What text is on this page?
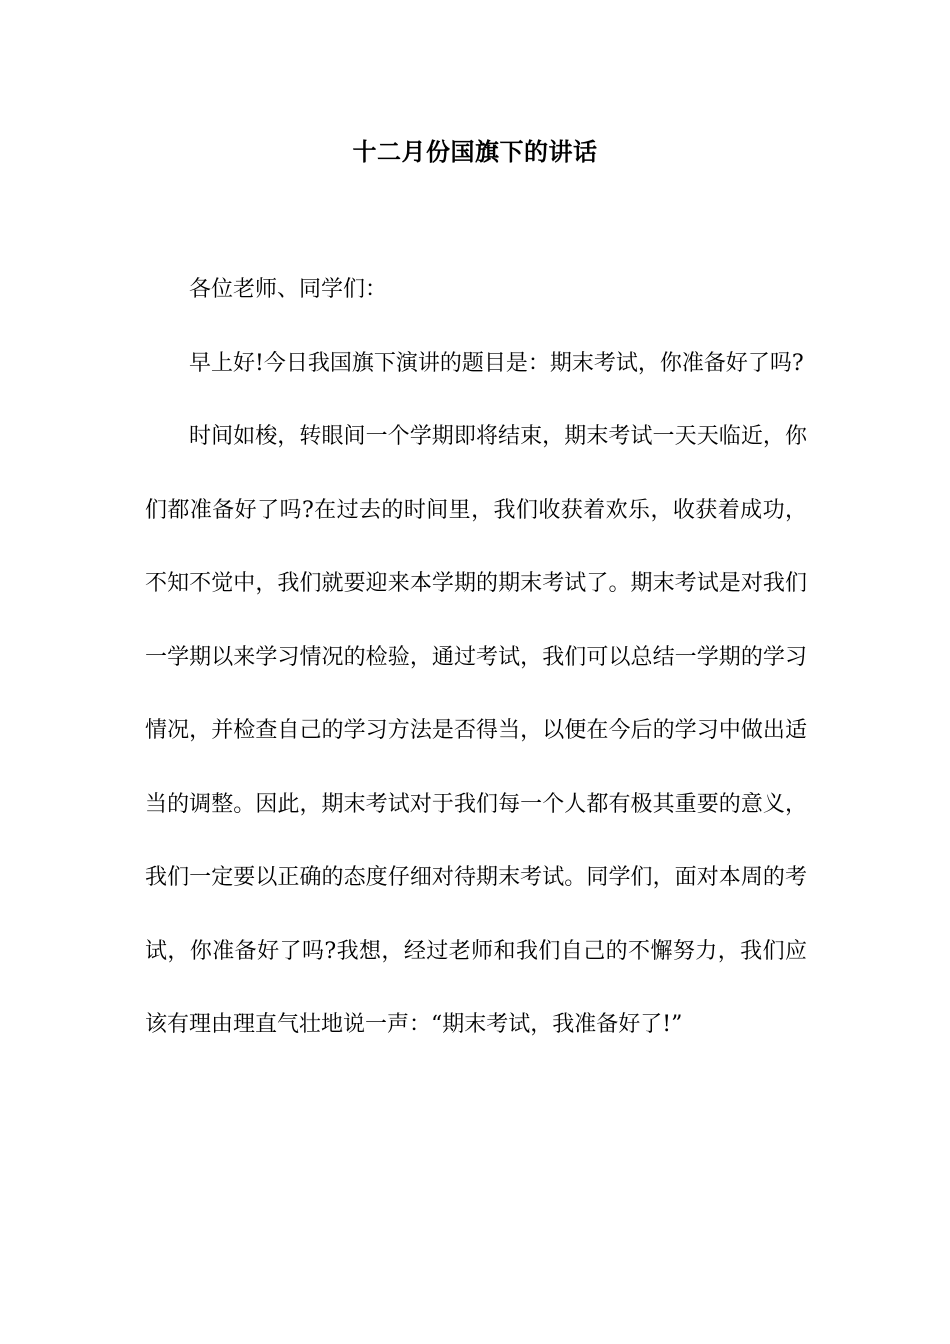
十二月份国旗下的讲话

各位老师、同学们：

早上好!今日我国旗下演讲的题目是：期末考试，你准备好了吗?

时间如梭，转眼间一个学期即将结束，期末考试一天天临近，你们都准备好了吗?在过去的时间里，我们收获着欢乐，收获着成功，不知不觉中，我们就要迎来本学期的期末考试了。期末考试是对我们一学期以来学习情况的检验，通过考试，我们可以总结一学期的学习情况，并检查自己的学习方法是否得当，以便在今后的学习中做出适当的调整。因此，期末考试对于我们每一个人都有极其重要的意义，我们一定要以正确的态度仔细对待期末考试。同学们，面对本周的考试，你准备好了吗?我想，经过老师和我们自己的不懈努力，我们应该有理由理直气壮地说一声：“期末考试，我准备好了!”
